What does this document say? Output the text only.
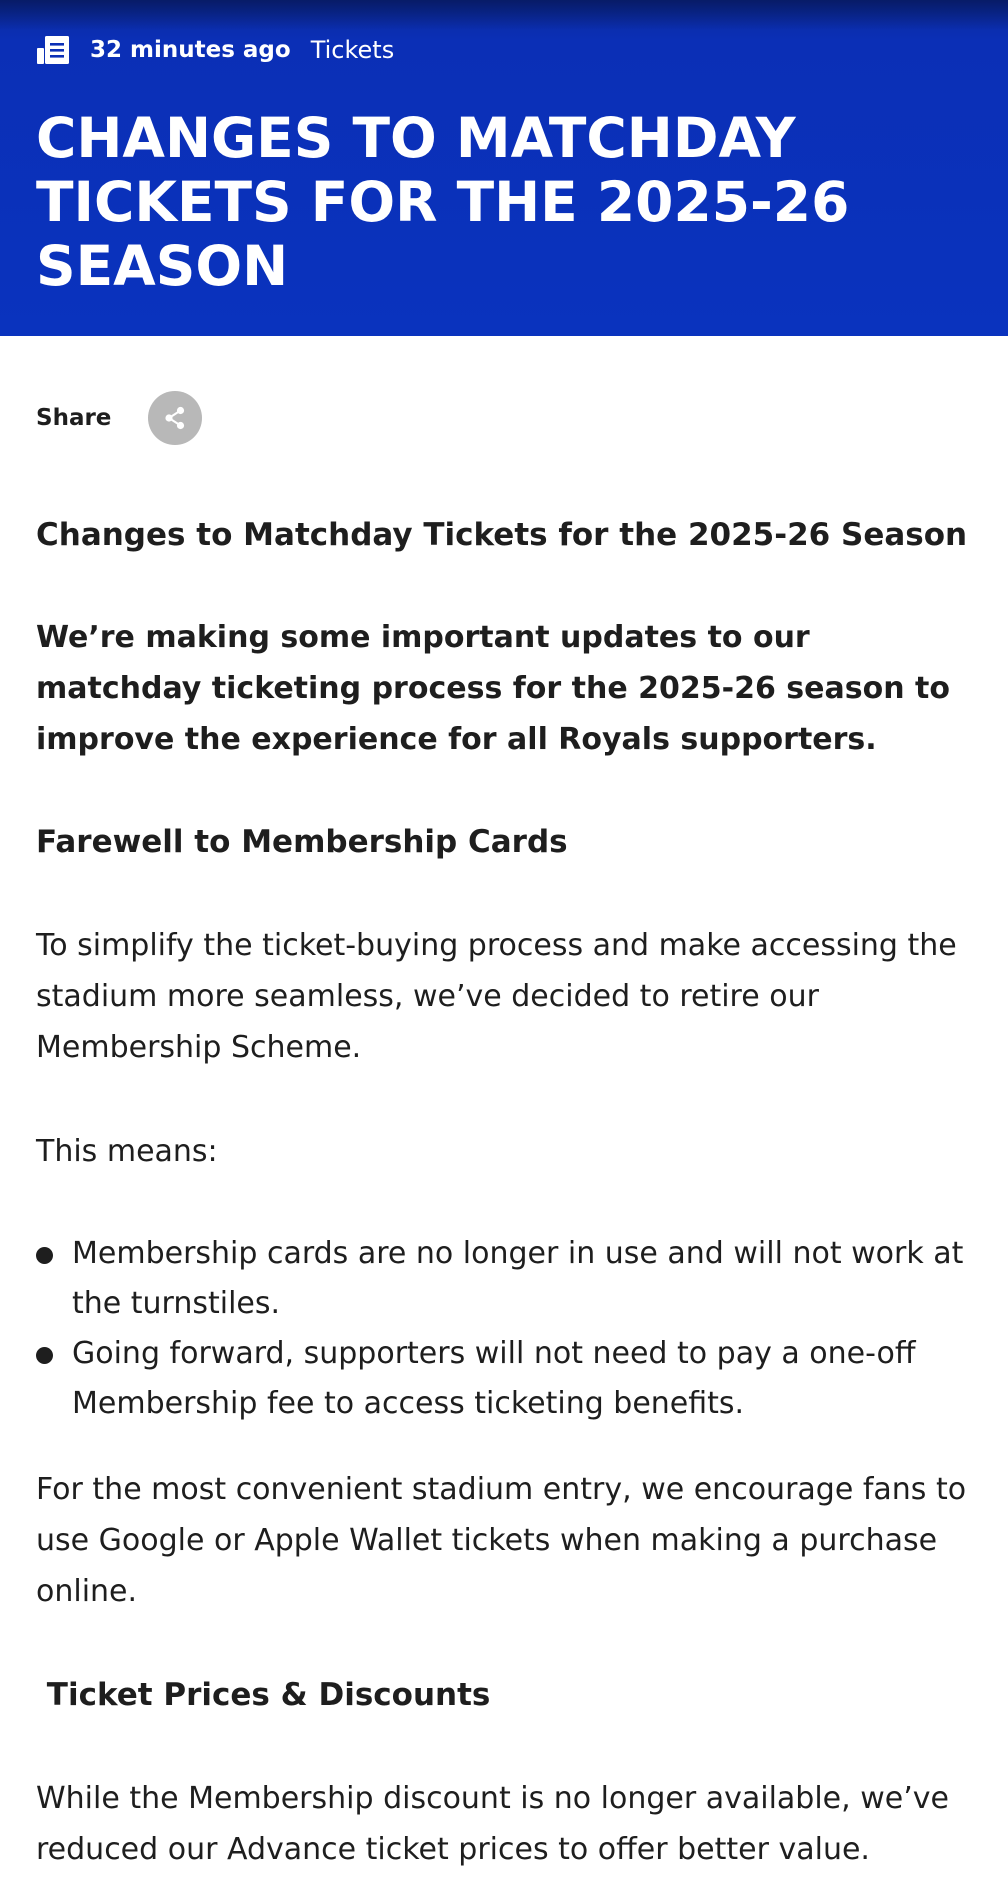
32 minutes ago Tickets
CHANGES TO MATCHDAY TICKETS FOR THE 2025-26 SEASON
Share
Changes to Matchday Tickets for the 2025-26 Season

We’re making some important updates to our matchday ticketing process for the 2025-26 season to improve the experience for all Royals supporters.

Farewell to Membership Cards

To simplify the ticket-buying process and make accessing the stadium more seamless, we’ve decided to retire our Membership Scheme.

This means:

Membership cards are no longer in use and will not work at the turnstiles.
Going forward, supporters will not need to pay a one-off Membership fee to access ticketing benefits.

For the most convenient stadium entry, we encourage fans to use Google or Apple Wallet tickets when making a purchase online.

Ticket Prices & Discounts

While the Membership discount is no longer available, we’ve reduced our Advance ticket prices to offer better value.
